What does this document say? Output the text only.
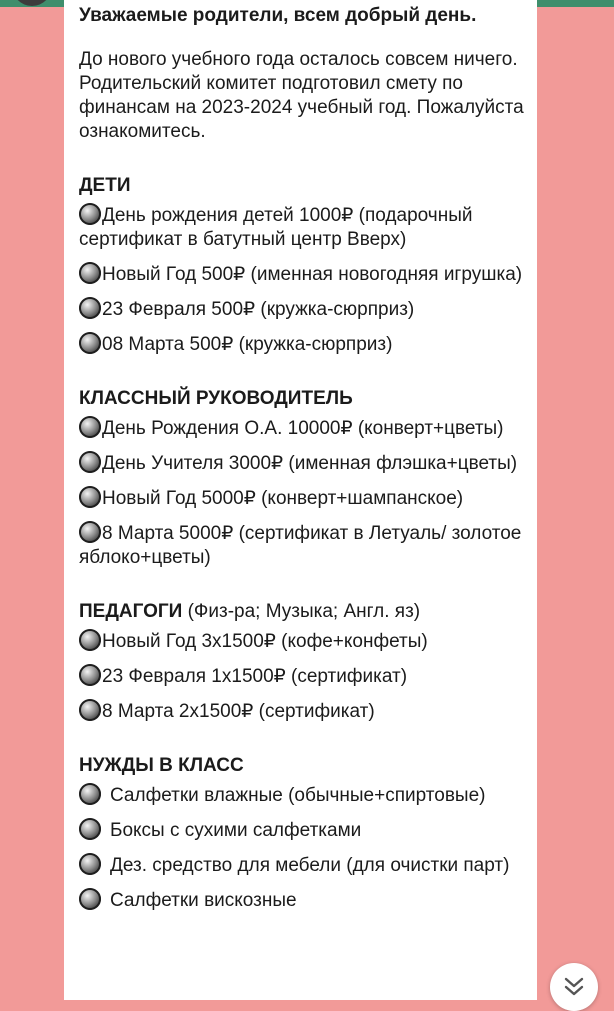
Уважаемые родители, всем добрый день.
До нового учебного года осталось совсем ничего. Родительский комитет подготовил смету по финансам на 2023-2024 учебный год. Пожалуйста ознакомитесь.
ДЕТИ
День рождения детей 1000₽ (подарочный сертификат в батутный центр Вверх)
Новый Год 500₽ (именная новогодняя игрушка)
23 Февраля 500₽ (кружка-сюрприз)
08 Марта 500₽ (кружка-сюрприз)
КЛАССНЫЙ РУКОВОДИТЕЛЬ
День Рождения О.А. 10000₽ (конверт+цветы)
День Учителя 3000₽ (именная флэшка+цветы)
Новый Год 5000₽ (конверт+шампанское)
8 Марта 5000₽ (сертификат в Летуаль/ золотое яблоко+цветы)
ПЕДАГОГИ (Физ-ра; Музыка; Англ. яз)
Новый Год 3х1500₽ (кофе+конфеты)
23 Февраля 1х1500₽ (сертификат)
8 Марта 2х1500₽ (сертификат)
НУЖДЫ В КЛАСС
Салфетки влажные (обычные+спиртовые)
Боксы с сухими салфетками
Дез. средство для мебели (для очистки парт)
Салфетки вискозные
